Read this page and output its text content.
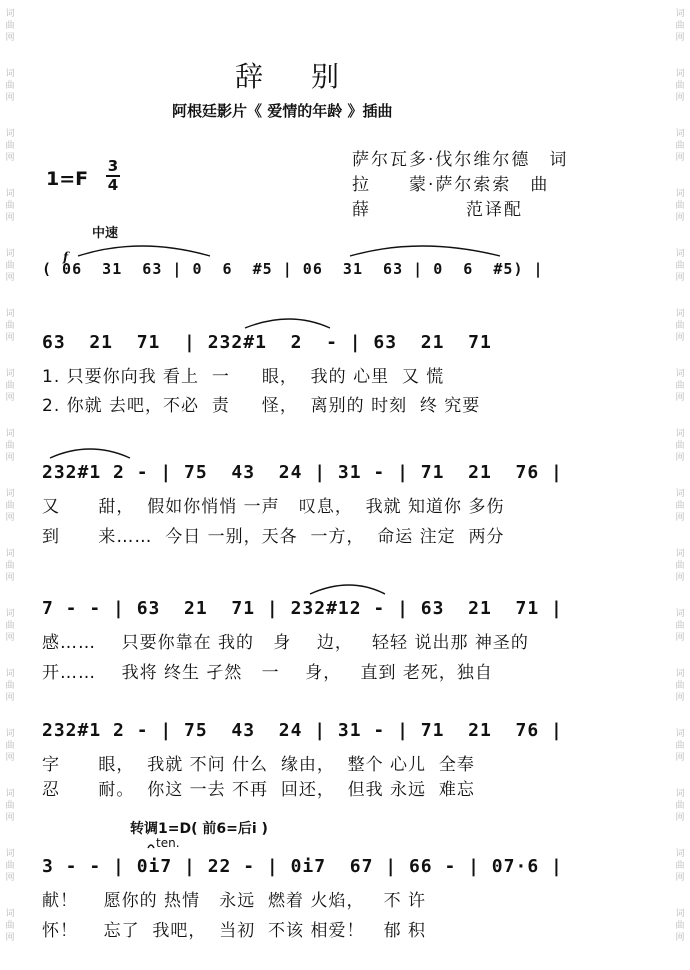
词曲网
词曲网
词曲网
词曲网
词曲网
词曲网
词曲网
词曲网
词曲网
词曲网
词曲网
词曲网
词曲网
词曲网
词曲网
词曲网
词曲网
词曲网
词曲网
词曲网
词曲网
词曲网
词曲网
词曲网
词曲网
词曲网
词曲网
词曲网
词曲网
词曲网
词曲网
词曲网
辞别
阿根廷影片《 爱情的年龄 》插曲
萨尔瓦多·伐尔维尔德　词
拉　　蒙·萨尔索索　曲
薛　　　　　范译配
1=F
3
4
中速
f
( 06  31  63 | 0  6  #5 | 06  31  63 | 0  6  #5) |
63  21  71  | 232#1  2  - | 63  21  71
1. 只要你向我 看上  一     眼，  我的 心里  又 慌
2. 你就 去吧，不必  责     怪，  离别的 时刻  终 究要
232#1 2 - | 75  43  24 | 31 - | 71  21  76 |
又      甜，  假如你悄悄 一声   叹息，  我就 知道你 多伤
到      来……  今日 一别，天各  一方，  命运 注定  两分
7 - - | 63  21  71 | 232#12 - | 63  21  71 |
感……    只要你靠在 我的   身    边，   轻轻 说出那 神圣的
开……    我将 终生 孑然   一    身，   直到 老死，独自
232#1 2 - | 75  43  24 | 31 - | 71  21  76 |
字      眼，  我就 不问 什么  缘由，  整个 心儿  全奉
忍      耐。  你这 一去 不再  回还，  但我 永远  难忘
转调1=D( 前6=后i )
ten.
3 - - | 0i7 | 22 - | 0i7  67 | 66 - | 07·6 |
献！    愿你的 热情   永远  燃着 火焰，   不 许
怀！    忘了  我吧，  当初  不该 相爱！   郁 积
